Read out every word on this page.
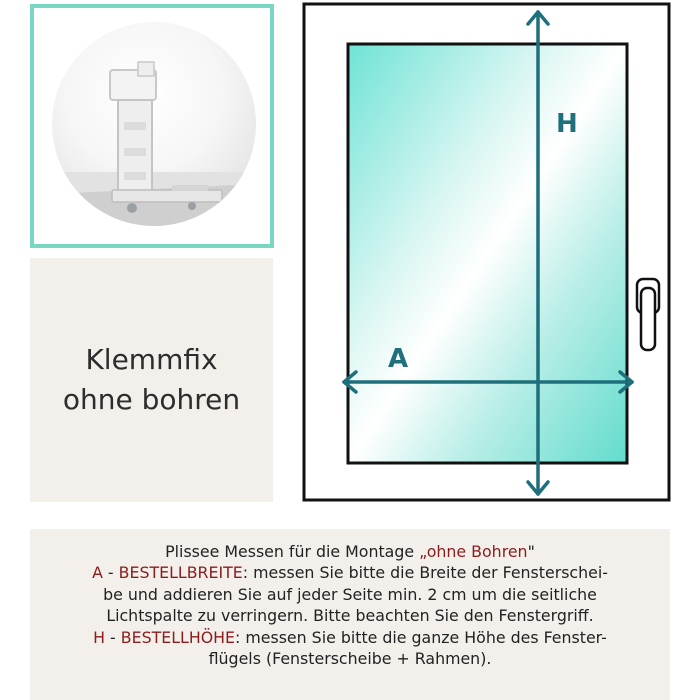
Klemmfix
ohne bohren
H
A
Plissee Messen für die Montage „ohne Bohren"
A - BESTELLBREITE: messen Sie bitte die Breite der Fensterschei-
be und addieren Sie auf jeder Seite min. 2 cm um die seitliche
Lichtspalte zu verringern. Bitte beachten Sie den Fenstergriff.
H - BESTELLHÖHE: messen Sie bitte die ganze Höhe des Fenster-
flügels (Fensterscheibe + Rahmen).
